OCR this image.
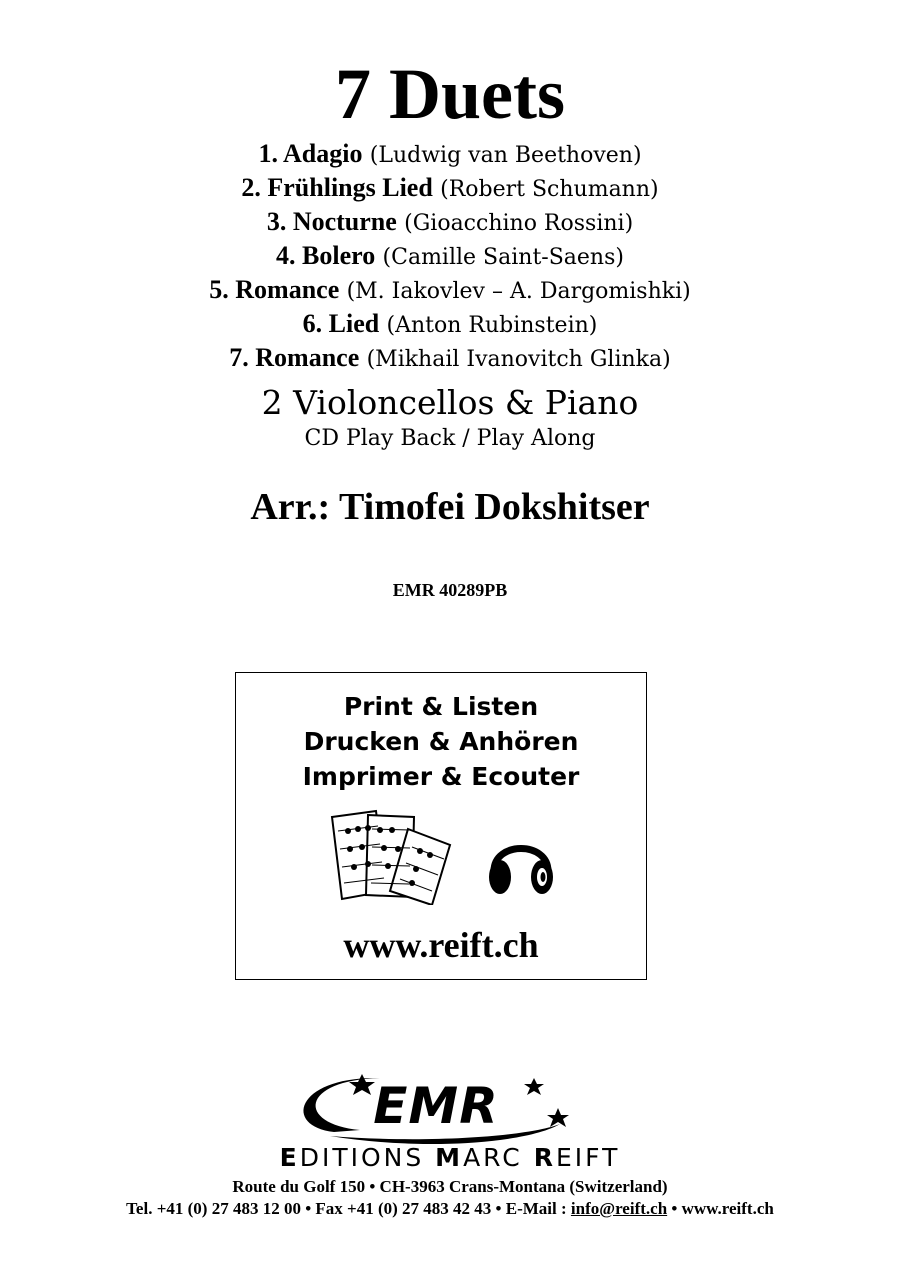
7 Duets
1. Adagio (Ludwig van Beethoven)
2. Frühlings Lied (Robert Schumann)
3. Nocturne (Gioacchino Rossini)
4. Bolero (Camille Saint-Saens)
5. Romance (M. Iakovlev – A. Dargomishki)
6. Lied (Anton Rubinstein)
7. Romance (Mikhail Ivanovitch Glinka)
2 Violoncellos & Piano
CD Play Back / Play Along
Arr.: Timofei Dokshitser
EMR 40289PB
Print & Listen
Drucken & Anhören
Imprimer & Ecouter
www.reift.ch
EMR
EDITIONS MARC REIFT
Route du Golf 150 • CH-3963 Crans-Montana (Switzerland)
Tel. +41 (0) 27 483 12 00 • Fax +41 (0) 27 483 42 43 • E-Mail : info@reift.ch • www.reift.ch
